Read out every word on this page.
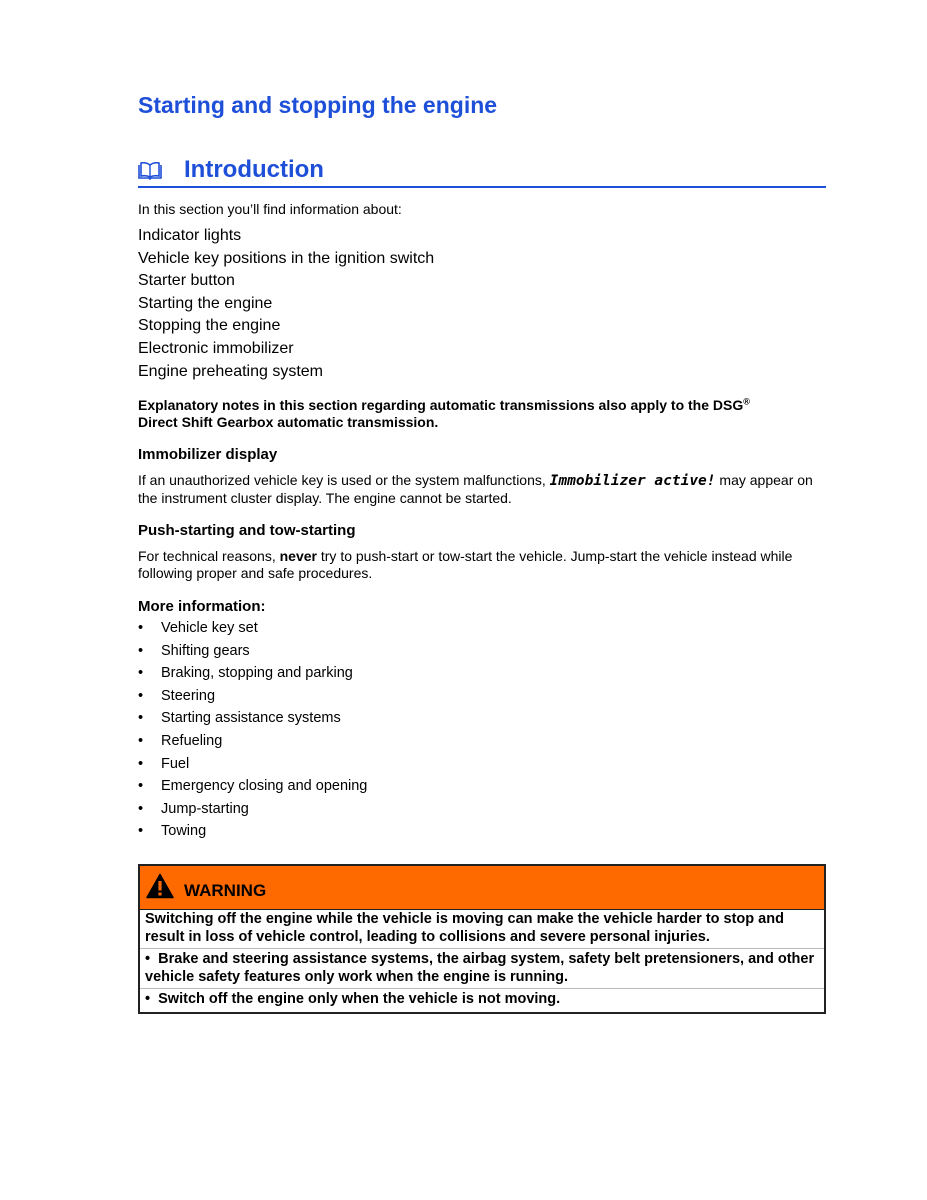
Starting and stopping the engine
Introduction
In this section you’ll find information about:
Indicator lights
Vehicle key positions in the ignition switch
Starter button
Starting the engine
Stopping the engine
Electronic immobilizer
Engine preheating system
Explanatory notes in this section regarding automatic transmissions also apply to the DSG®
Direct Shift Gearbox automatic transmission.
Immobilizer display
If an unauthorized vehicle key is used or the system malfunctions, Immobilizer active! may appear on the instrument cluster display. The engine cannot be started.
Push-starting and tow-starting
For technical reasons, never try to push-start or tow-start the vehicle. Jump-start the vehicle instead while following proper and safe procedures.
More information:
• Vehicle key set
• Shifting gears
• Braking, stopping and parking
• Steering
• Starting assistance systems
• Refueling
• Fuel
• Emergency closing and opening
• Jump-starting
• Towing
WARNING
Switching off the engine while the vehicle is moving can make the vehicle harder to stop and result in loss of vehicle control, leading to collisions and severe personal injuries.
• Brake and steering assistance systems, the airbag system, safety belt pretensioners, and other vehicle safety features only work when the engine is running.
• Switch off the engine only when the vehicle is not moving.
